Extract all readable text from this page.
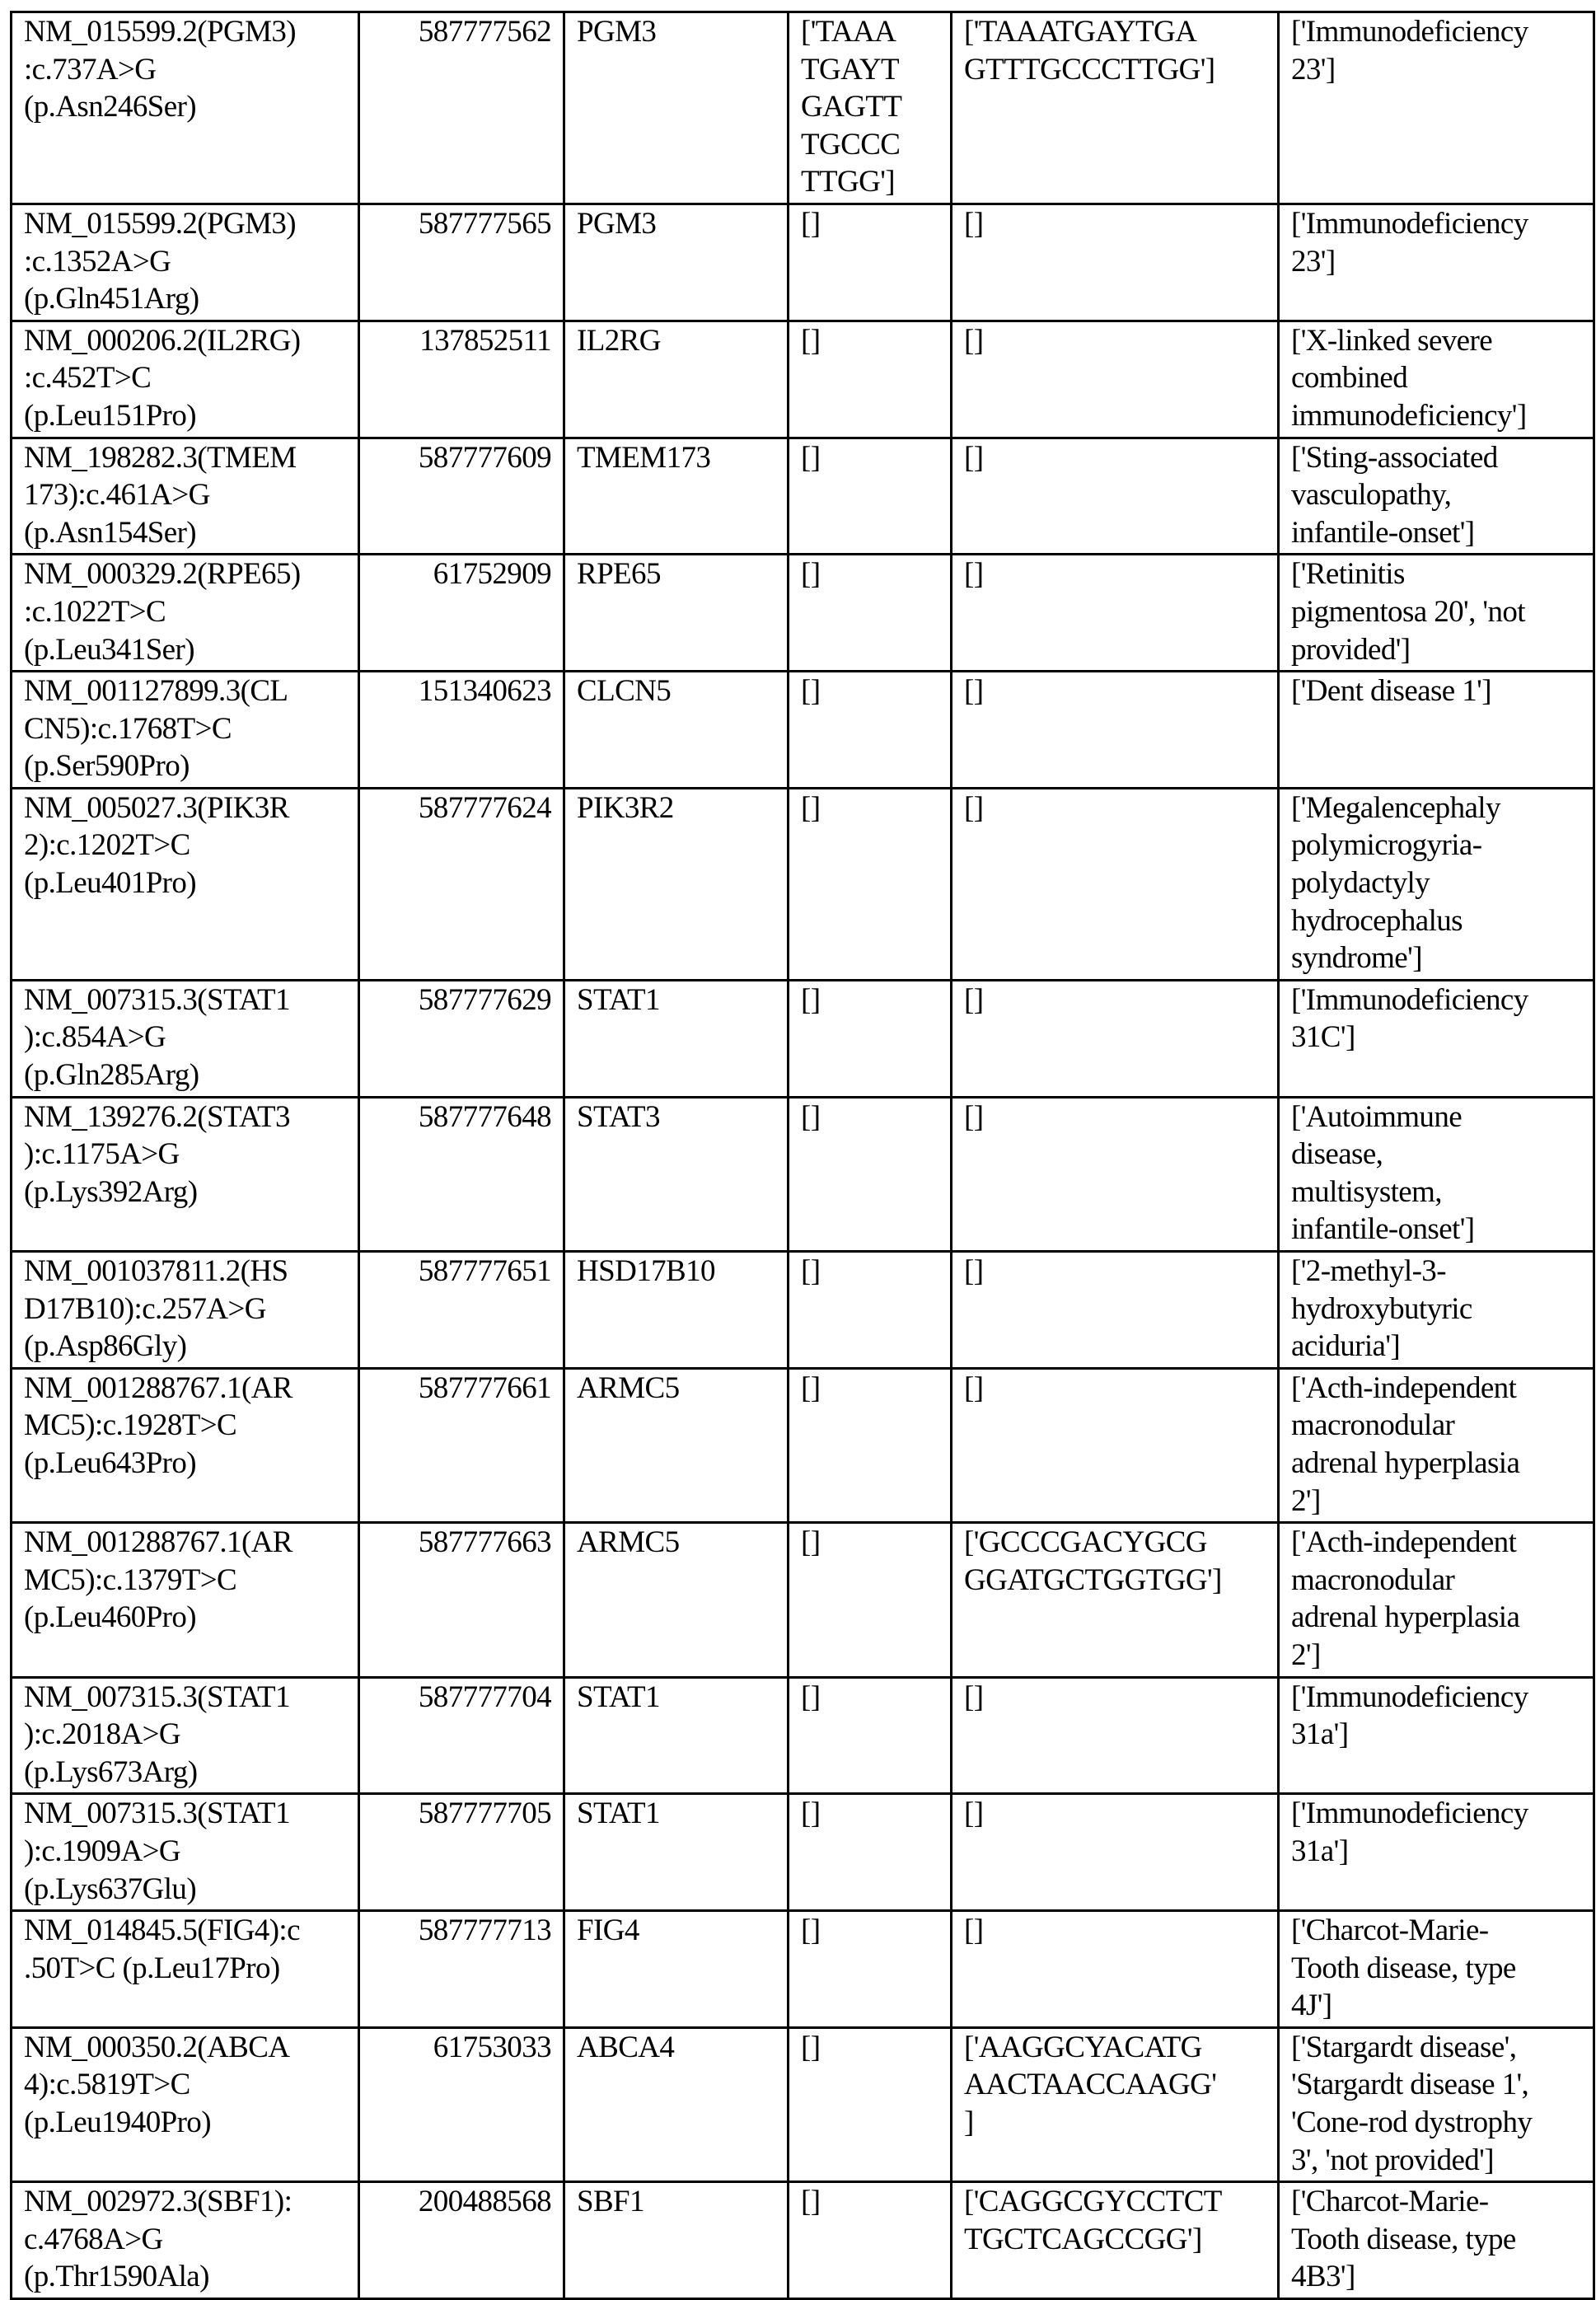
NM_015599.2(PGM3)
:c.737A>G
(p.Asn246Ser)	587777562	PGM3	['TAAA
TGAYT
GAGTT
TGCCC
TTGG']	['TAAATGAYTGA
GTTTGCCCTTGG']	['Immunodeficiency
23']
NM_015599.2(PGM3)
:c.1352A>G
(p.Gln451Arg)	587777565	PGM3	[]	[]	['Immunodeficiency
23']
NM_000206.2(IL2RG)
:c.452T>C
(p.Leu151Pro)	137852511	IL2RG	[]	[]	['X-linked severe
combined
immunodeficiency']
NM_198282.3(TMEM
173):c.461A>G
(p.Asn154Ser)	587777609	TMEM173	[]	[]	['Sting-associated
vasculopathy,
infantile-onset']
NM_000329.2(RPE65)
:c.1022T>C
(p.Leu341Ser)	61752909	RPE65	[]	[]	['Retinitis
pigmentosa 20', 'not
provided']
NM_001127899.3(CL
CN5):c.1768T>C
(p.Ser590Pro)	151340623	CLCN5	[]	[]	['Dent disease 1']
NM_005027.3(PIK3R
2):c.1202T>C
(p.Leu401Pro)	587777624	PIK3R2	[]	[]	['Megalencephaly
polymicrogyria-
polydactyly
hydrocephalus
syndrome']
NM_007315.3(STAT1
):c.854A>G
(p.Gln285Arg)	587777629	STAT1	[]	[]	['Immunodeficiency
31C']
NM_139276.2(STAT3
):c.1175A>G
(p.Lys392Arg)	587777648	STAT3	[]	[]	['Autoimmune
disease,
multisystem,
infantile-onset']
NM_001037811.2(HS
D17B10):c.257A>G
(p.Asp86Gly)	587777651	HSD17B10	[]	[]	['2-methyl-3-
hydroxybutyric
aciduria']
NM_001288767.1(AR
MC5):c.1928T>C
(p.Leu643Pro)	587777661	ARMC5	[]	[]	['Acth-independent
macronodular
adrenal hyperplasia
2']
NM_001288767.1(AR
MC5):c.1379T>C
(p.Leu460Pro)	587777663	ARMC5	[]	['GCCCGACYGCG
GGATGCTGGTGG']	['Acth-independent
macronodular
adrenal hyperplasia
2']
NM_007315.3(STAT1
):c.2018A>G
(p.Lys673Arg)	587777704	STAT1	[]	[]	['Immunodeficiency
31a']
NM_007315.3(STAT1
):c.1909A>G
(p.Lys637Glu)	587777705	STAT1	[]	[]	['Immunodeficiency
31a']
NM_014845.5(FIG4):c
.50T>C (p.Leu17Pro)	587777713	FIG4	[]	[]	['Charcot-Marie-
Tooth disease, type
4J']
NM_000350.2(ABCA
4):c.5819T>C
(p.Leu1940Pro)	61753033	ABCA4	[]	['AAGGCYACATG
AACTAACCAAGG'
]	['Stargardt disease',
'Stargardt disease 1',
'Cone-rod dystrophy
3', 'not provided']
NM_002972.3(SBF1):
c.4768A>G
(p.Thr1590Ala)	200488568	SBF1	[]	['CAGGCGYCCTCT
TGCTCAGCCGG']	['Charcot-Marie-
Tooth disease, type
4B3']
